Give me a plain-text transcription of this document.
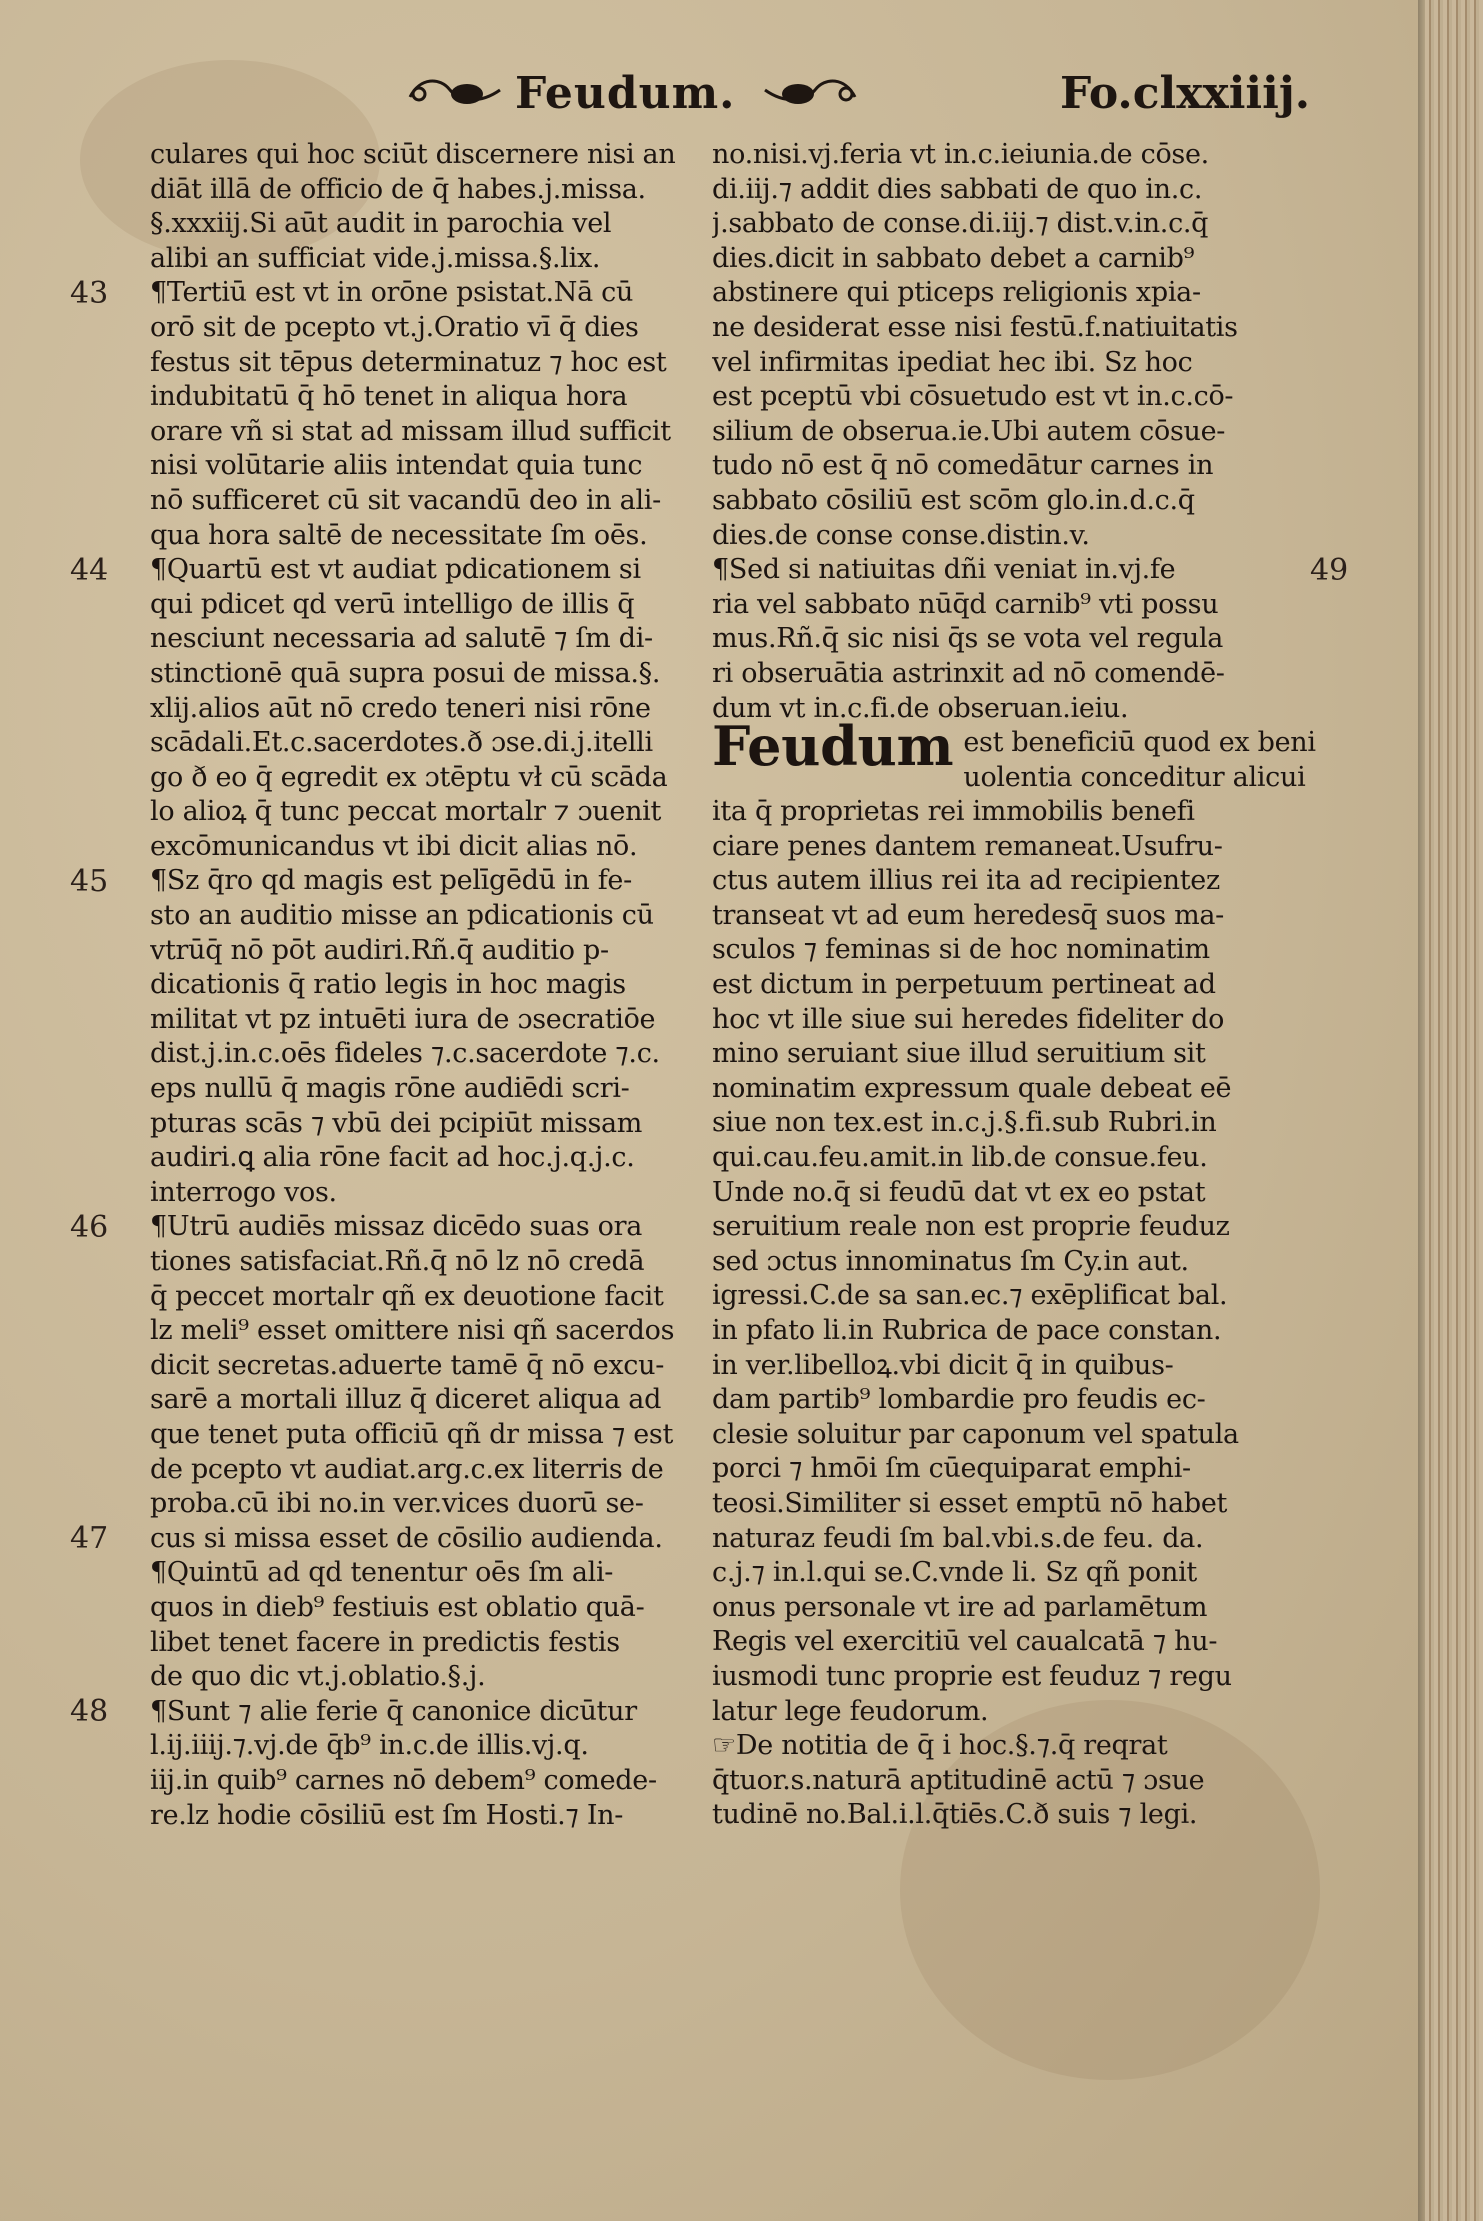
Feudum.	Fo.clxxiiij.
43
44
45
46
47
48
49
culares qui hoc sciūt discernere nisi an
diāt illā de officio de q̄ habes.j.missa.
§.xxxiij.Si aūt audit in parochia vel
alibi an sufficiat vide.j.missa.§.lix.
¶Tertiū est vt in orōne psistat.Nā cū
orō sit de pcepto vt.j.Oratio vī q̄ dies
festus sit tēpus determinatuz ⁊ hoc est
indubitatū q̄ hō tenet in aliqua hora
orare vñ si stat ad missam illud sufficit
nisi volūtarie aliis intendat quia tunc
nō sufficeret cū sit vacandū deo in ali-
qua hora saltē de necessitate ſm oēs.
¶Quartū est vt audiat pdicationem si
qui pdicet qd verū intelligo de illis q̄
nesciunt necessaria ad salutē ⁊ ſm di-
stinctionē quā supra posui de missa.§.
xlij.alios aūt nō credo teneri nisi rōne
scādali.Et.c.sacerdotes.ð ɔse.di.j.itelli
go ð eo q̄ egredit ex ɔtēptu vł cū scāda
lo alioꝝ q̄ tunc peccat mortalr ⁊ ɔuenit
excōmunicandus vt ibi dicit alias nō.
¶Sz q̄ro qd magis est pelīgēdū in fe-
sto an auditio misse an pdicationis cū
vtrūq̄ nō pōt audiri.Rñ.q̄ auditio p-
dicationis q̄ ratio legis in hoc magis
militat vt pz intuēti iura de ɔsecratiōe
dist.j.in.c.oēs fideles ⁊.c.sacerdote ⁊.c.
eps nullū q̄ magis rōne audiēdi scri-
pturas scās ⁊ vbū dei pcipiūt missam
audiri.ꝗ alia rōne facit ad hoc.j.q.j.c.
interrogo vos.
¶Utrū audiēs missaz dicēdo suas ora
tiones satisfaciat.Rñ.q̄ nō lz nō credā
q̄ peccet mortalr qñ ex deuotione facit
lz meli⁹ esset omittere nisi qñ sacerdos
dicit secretas.aduerte tamē q̄ nō excu-
sarē a mortali illuz q̄ diceret aliqua ad
que tenet puta officiū qñ dr missa ⁊ est
de pcepto vt audiat.arg.c.ex literris de
proba.cū ibi no.in ver.vices duorū se-
cus si missa esset de cōsilio audienda.
¶Quintū ad qd tenentur oēs ſm ali-
quos in dieb⁹ festiuis est oblatio quā-
libet tenet facere in predictis festis
de quo dic vt.j.oblatio.§.j.
¶Sunt ⁊ alie ferie q̄ canonice dicūtur
l.ij.iiij.⁊.vj.de q̄b⁹ in.c.de illis.vj.q.
iij.in quib⁹ carnes nō debem⁹ comede-
re.lz hodie cōsiliū est ſm Hosti.⁊ In-
no.nisi.vj.feria vt in.c.ieiunia.de cōse.
di.iij.⁊ addit dies sabbati de quo in.c.
j.sabbato de conse.di.iij.⁊ dist.v.in.c.q̄
dies.dicit in sabbato debet a carnib⁹
abstinere qui pticeps religionis xpia-
ne desiderat esse nisi festū.f.natiuitatis
vel infirmitas ipediat hec ibi. Sz hoc
est pceptū vbi cōsuetudo est vt in.c.cō-
silium de obserua.ie.Ubi autem cōsue-
tudo nō est q̄ nō comedātur carnes in
sabbato cōsiliū est scōm glo.in.d.c.q̄
dies.de conse conse.distin.v.
¶Sed si natiuitas dñi veniat in.vj.fe
ria vel sabbato nūq̄d carnib⁹ vti possu
mus.Rñ.q̄ sic nisi q̄s se vota vel regula
ri obseruātia astrinxit ad nō comendē-
dum vt in.c.fi.de obseruan.ieiu.
Feudum est beneficiū quod ex beni
uolentia conceditur alicui
ita q̄ proprietas rei immobilis benefi
ciare penes dantem remaneat.Usufru-
ctus autem illius rei ita ad recipientez
transeat vt ad eum heredesq̄ suos ma-
sculos ⁊ feminas si de hoc nominatim
est dictum in perpetuum pertineat ad
hoc vt ille siue sui heredes fideliter do
mino seruiant siue illud seruitium sit
nominatim expressum quale debeat eē
siue non tex.est in.c.j.§.fi.sub Rubri.in
qui.cau.feu.amit.in lib.de consue.feu.
Unde no.q̄ si feudū dat vt ex eo pstat
seruitium reale non est proprie feuduz
sed ɔctus innominatus ſm Cy.in aut.
igressi.C.de sa san.ec.⁊ exēplificat bal.
in pfato li.in Rubrica de pace constan.
in ver.libelloꝝ.vbi dicit q̄ in quibus-
dam partib⁹ lombardie pro feudis ec-
clesie soluitur par caponum vel spatula
porci ⁊ hmōi ſm cūequiparat emphi-
teosi.Similiter si esset emptū nō habet
naturaz feudi ſm bal.vbi.s.de feu. da.
c.j.⁊ in.l.qui se.C.vnde li. Sz qñ ponit
onus personale vt ire ad parlamētum
Regis vel exercitiū vel caualcatā ⁊ hu-
iusmodi tunc proprie est feuduz ⁊ regu
latur lege feudorum.
☞De notitia de q̄ i hoc.§.⁊.q̄ reqrat
q̄tuor.s.naturā aptitudinē actū ⁊ ɔsue
tudinē no.Bal.i.l.q̄tiēs.C.ð suis ⁊ legi.
